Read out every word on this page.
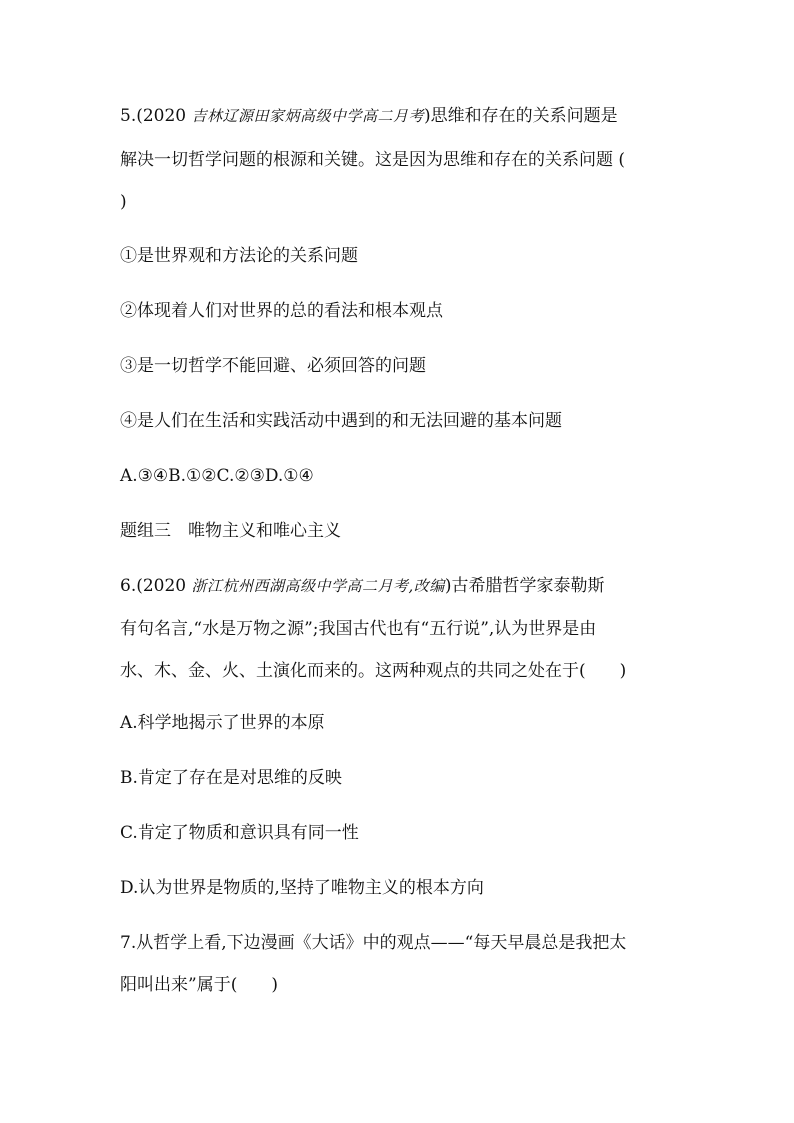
5.(2020 吉林辽源田家炳高级中学高二月考)思维和存在的关系问题是
解决一切哲学问题的根源和关键。这是因为思维和存在的关系问题 (
)
①是世界观和方法论的关系问题
②体现着人们对世界的总的看法和根本观点
③是一切哲学不能回避、必须回答的问题
④是人们在生活和实践活动中遇到的和无法回避的基本问题
A.③④B.①②C.②③D.①④
题组三　唯物主义和唯心主义
6.(2020 浙江杭州西湖高级中学高二月考,改编)古希腊哲学家泰勒斯
有句名言,“水是万物之源”;我国古代也有“五行说”,认为世界是由
水、木、金、火、土演化而来的。这两种观点的共同之处在于(　　)
A.科学地揭示了世界的本原
B.肯定了存在是对思维的反映
C.肯定了物质和意识具有同一性
D.认为世界是物质的,坚持了唯物主义的根本方向
7.从哲学上看,下边漫画《大话》中的观点——“每天早晨总是我把太
阳叫出来”属于(　　)
